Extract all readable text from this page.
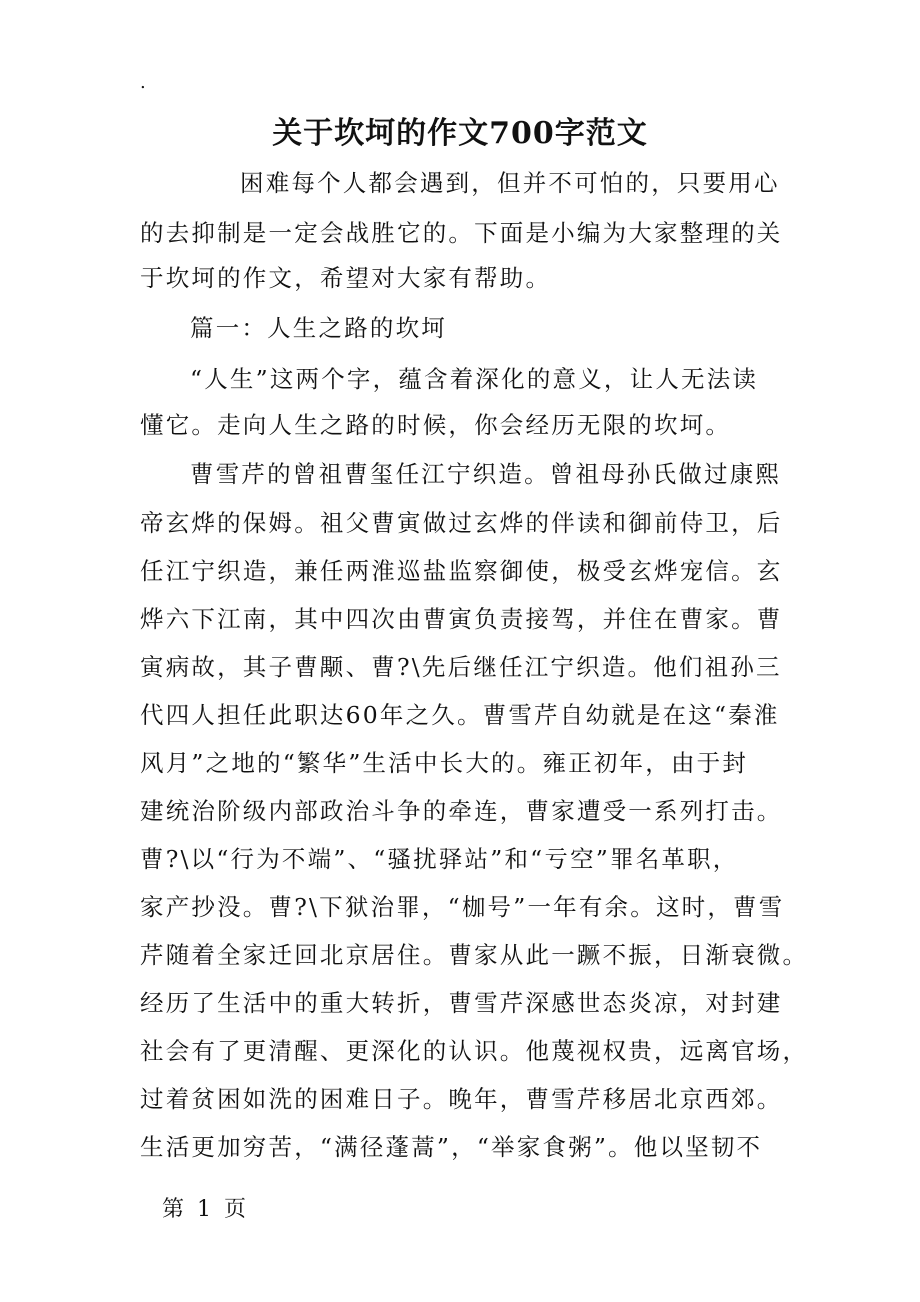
.
关于坎坷的作文700字范文
困难每个人都会遇到，但并不可怕的，只要用心
的去抑制是一定会战胜它的。下面是小编为大家整理的关
于坎坷的作文，希望对大家有帮助。
篇一：人生之路的坎坷
“人生”这两个字，蕴含着深化的意义，让人无法读
懂它。走向人生之路的时候，你会经历无限的坎坷。
曹雪芹的曾祖曹玺任江宁织造。曾祖母孙氏做过康熙
帝玄烨的保姆。祖父曹寅做过玄烨的伴读和御前侍卫，后
任江宁织造，兼任两淮巡盐监察御使，极受玄烨宠信。玄
烨六下江南，其中四次由曹寅负责接驾，并住在曹家。曹
寅病故，其子曹颙、曹?\先后继任江宁织造。他们祖孙三
代四人担任此职达60年之久。曹雪芹自幼就是在这“秦淮
风月”之地的“繁华”生活中长大的。雍正初年，由于封
建统治阶级内部政治斗争的牵连，曹家遭受一系列打击。
曹?\以“行为不端”、“骚扰驿站”和“亏空”罪名革职，
家产抄没。曹?\下狱治罪，“枷号”一年有余。这时，曹雪
芹随着全家迁回北京居住。曹家从此一蹶不振，日渐衰微。
经历了生活中的重大转折，曹雪芹深感世态炎凉，对封建
社会有了更清醒、更深化的认识。他蔑视权贵，远离官场，
过着贫困如洗的困难日子。晚年，曹雪芹移居北京西郊。
生活更加穷苦，“满径蓬蒿”，“举家食粥”。他以坚韧不
第 1 页
